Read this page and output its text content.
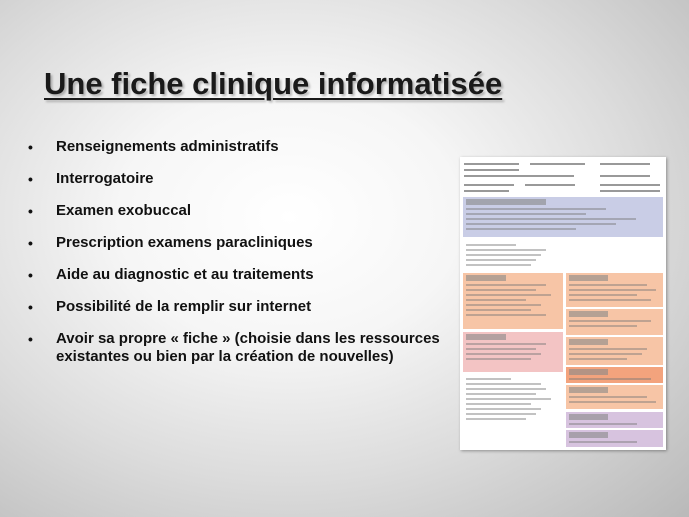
Une fiche clinique informatisée
• Renseignements administratifs
• Interrogatoire
• Examen exobuccal
• Prescription examens paracliniques
• Aide au diagnostic et au traitements
• Possibilité de la remplir sur internet
• Avoir sa propre « fiche » (choisie dans les ressources existantes ou bien par la création de nouvelles)
